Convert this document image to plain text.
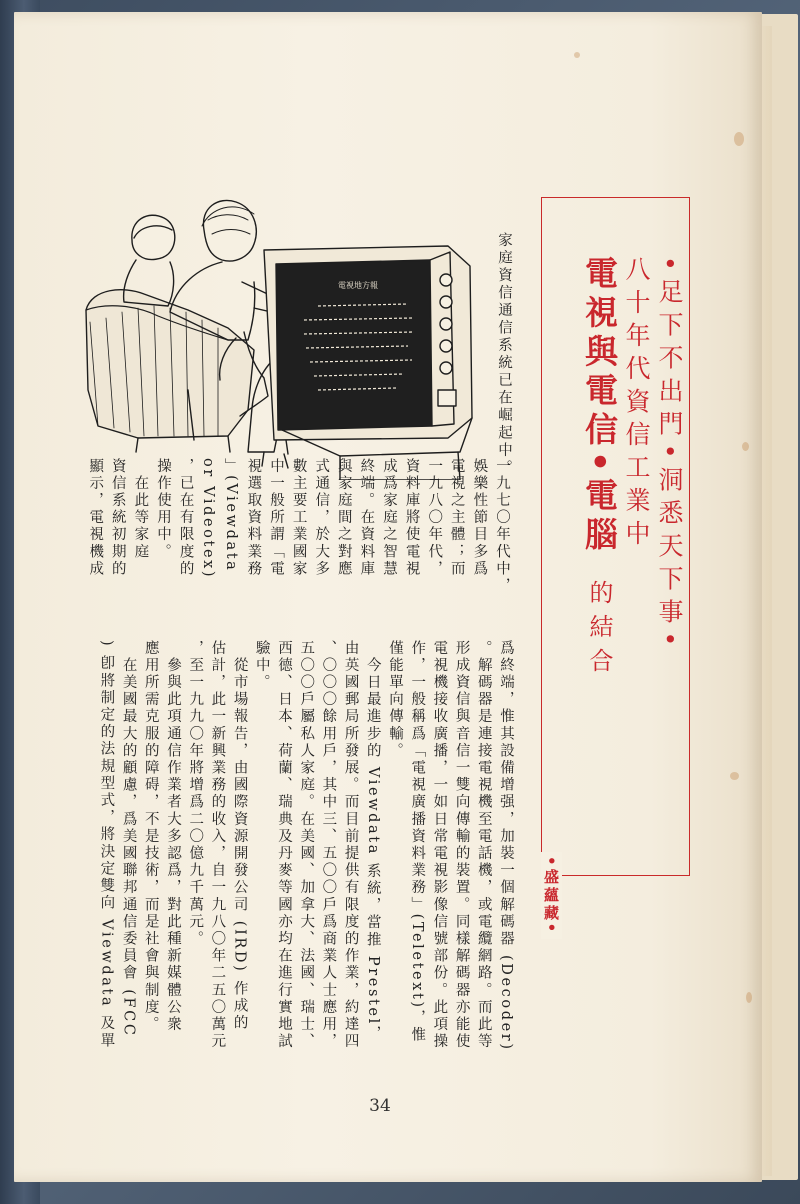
•足下不出門•洞悉天下事•
八十年代資信工業中
電視與電信•電腦的結合
•盛蘊藏•
電視地方報	家庭資信通信系統已在崛起中。
34
一九七〇年代中，
娛樂性節目多爲
電視之主體；而
一九八〇年代，
資料庫將使電視
成爲家庭之智慧
終端。在資料庫
與家庭間之對應
式通信，於大多
數主要工業國家
中一般所謂「電
視選取資料業務
」(Viewdata
or Videotex)
，已在有限度的
操作使用中。
　在此等家庭
資信系統初期的
顯示，電視機成
爲終端，惟其設備增强，加裝一個解碼器 (Decoder)
。解碼器是連接電視機至電話機，或電纜網路。而此等
形成資信與音信一雙向傳輸的裝置。同樣解碼器亦能使
電視機接收廣播，一如日常電視影像信號部份。此項操
作，一般稱爲「電視廣播資料業務」(Teletext)，惟
僅能單向傳輸。
　今日最進步的 Viewdata 系統，當推 Prestel，
由英國郵局所發展。而目前提供有限度的作業，約達四
、〇〇〇餘用戶，其中三、五〇〇戶爲商業人士應用，
五〇〇戶屬私人家庭。在美國、加拿大、法國、瑞士、
西德、日本、荷蘭、瑞典及丹麥等國亦均在進行實地試
驗中。
　從市場報告，由國際資源開發公司 (IRD) 作成的
估計，此一新興業務的收入，自一九八〇年二五〇萬元
，至一九九〇年將增爲二〇億九千萬元。
　參與此項通信作業者大多認爲，對此種新媒體公衆
應用所需克服的障碍，不是技術，而是社會與制度。
　在美國最大的顧慮，爲美國聯邦通信委員會 (FCC
) 卽將制定的法規型式，將決定雙向 Viewdata 及單
